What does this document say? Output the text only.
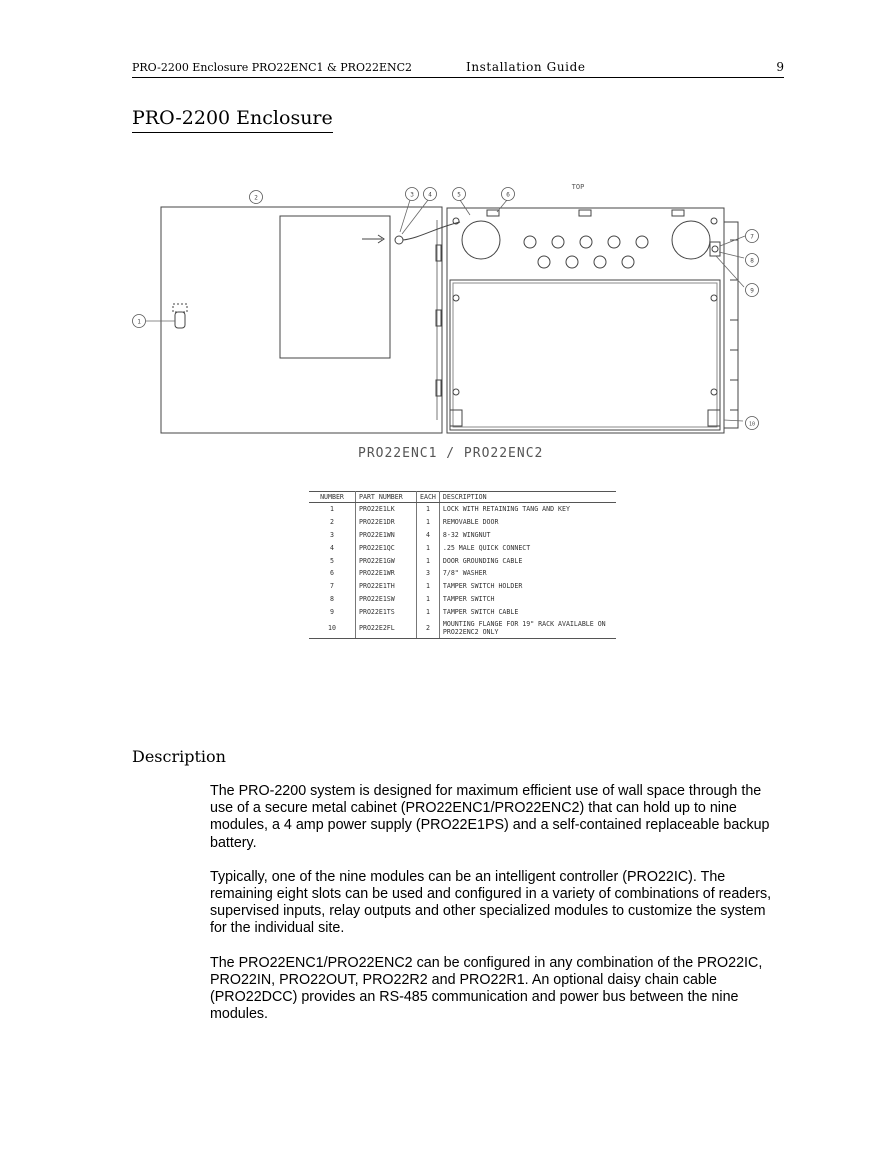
PRO-2200 Enclosure PRO22ENC1 & PRO22ENC2	Installation Guide	9
PRO-2200 Enclosure
1
2	3 4	5	6
7
8
9
10
TOP
PRO22ENC1 / PRO22ENC2
NUMBER	PART NUMBER	EACH	DESCRIPTION
1	PRO22E1LK	1	LOCK WITH RETAINING TANG AND KEY
2	PRO22E1DR	1	REMOVABLE DOOR
3	PRO22E1WN	4	8-32 WINGNUT
4	PRO22E1QC	1	.25 MALE QUICK CONNECT
5	PRO22E1GW	1	DOOR GROUNDING CABLE
6	PRO22E1WR	3	7/8" WASHER
7	PRO22E1TH	1	TAMPER SWITCH HOLDER
8	PRO22E1SW	1	TAMPER SWITCH
9	PRO22E1TS	1	TAMPER SWITCH CABLE
10	PRO22E2FL	2	MOUNTING FLANGE FOR 19" RACK AVAILABLE ON PRO22ENC2 ONLY
Description

The PRO-2200 system is designed for maximum efficient use of wall space through the use of a secure metal cabinet (PRO22ENC1/PRO22ENC2) that can hold up to nine modules, a 4 amp power supply (PRO22E1PS) and a self-contained replaceable backup battery.

Typically, one of the nine modules can be an intelligent controller (PRO22IC). The remaining eight slots can be used and configured in a variety of combinations of readers, supervised inputs, relay outputs and other specialized modules to customize the system for the individual site.

The PRO22ENC1/PRO22ENC2 can be configured in any combination of the PRO22IC, PRO22IN, PRO22OUT, PRO22R2 and PRO22R1. An optional daisy chain cable (PRO22DCC) provides an RS-485 communication and power bus between the nine modules.
